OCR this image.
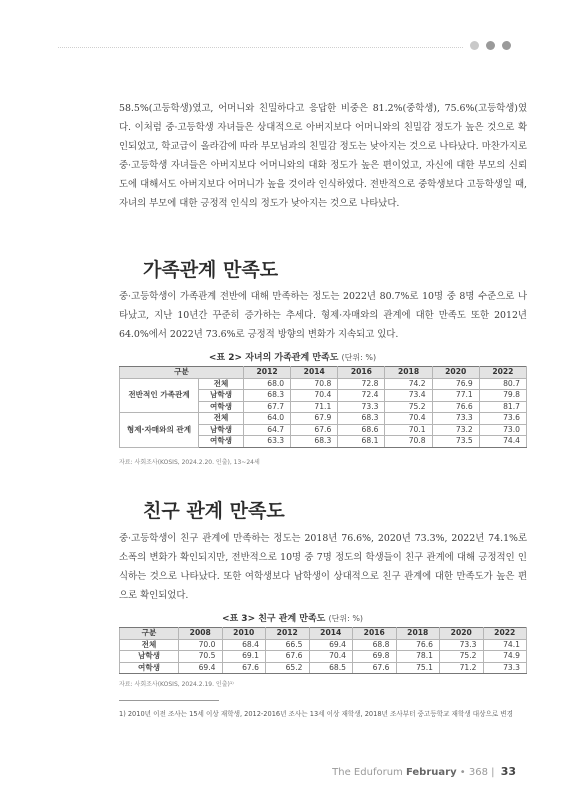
58.5%(고등학생)였고, 어머니와 친밀하다고 응답한 비중은 81.2%(중학생), 75.6%(고등학생)였다. 이처럼 중·고등학생 자녀들은 상대적으로 아버지보다 어머니와의 친밀감 정도가 높은 것으로 확인되었고, 학교급이 올라감에 따라 부모님과의 친밀감 정도는 낮아지는 것으로 나타났다. 마찬가지로 중·고등학생 자녀들은 아버지보다 어머니와의 대화 정도가 높은 편이었고, 자신에 대한 부모의 신뢰도에 대해서도 아버지보다 어머니가 높을 것이라 인식하였다. 전반적으로 중학생보다 고등학생일 때, 자녀의 부모에 대한 긍정적 인식의 정도가 낮아지는 것으로 나타났다.

가족관계 만족도

중·고등학생이 가족관계 전반에 대해 만족하는 정도는 2022년 80.7%로 10명 중 8명 수준으로 나타났고, 지난 10년간 꾸준히 증가하는 추세다. 형제·자매와의 관계에 대한 만족도 또한 2012년 64.0%에서 2022년 73.6%로 긍정적 방향의 변화가 지속되고 있다.

<표 2> 자녀의 가족관계 만족도 (단위: %)
구분		2012	2014	2016	2018	2020	2022
전반적인 가족관계	전체	68.0	70.8	72.8	74.2	76.9	80.7
	남학생	68.3	70.4	72.4	73.4	77.1	79.8
	여학생	67.7	71.1	73.3	75.2	76.6	81.7
형제·자매와의 관계	전체	64.0	67.9	68.3	70.4	73.3	73.6
	남학생	64.7	67.6	68.6	70.1	73.2	73.0
	여학생	63.3	68.3	68.1	70.8	73.5	74.4
자료: 사회조사(KOSIS, 2024.2.20. 인출), 13~24세
친구 관계 만족도

중·고등학생이 친구 관계에 만족하는 정도는 2018년 76.6%, 2020년 73.3%, 2022년 74.1%로 소폭의 변화가 확인되지만, 전반적으로 10명 중 7명 정도의 학생들이 친구 관계에 대해 긍정적인 인식하는 것으로 나타났다. 또한 여학생보다 남학생이 상대적으로 친구 관계에 대한 만족도가 높은 편으로 확인되었다.

<표 3> 친구 관계 만족도 (단위: %)
구분	2008	2010	2012	2014	2016	2018	2020	2022
전체	70.0	68.4	66.5	69.4	68.8	76.6	73.3	74.1
남학생	70.5	69.1	67.6	70.4	69.8	78.1	75.2	74.9
여학생	69.4	67.6	65.2	68.5	67.6	75.1	71.2	73.3
자료: 사회조사(KOSIS, 2024.2.19. 인출)¹⁾
1) 2010년 이전 조사는 15세 이상 재학생, 2012-2016년 조사는 13세 이상 재학생, 2018년 조사부터 중고등학교 재학생 대상으로 변경
The Eduforum February • 368 | 33
